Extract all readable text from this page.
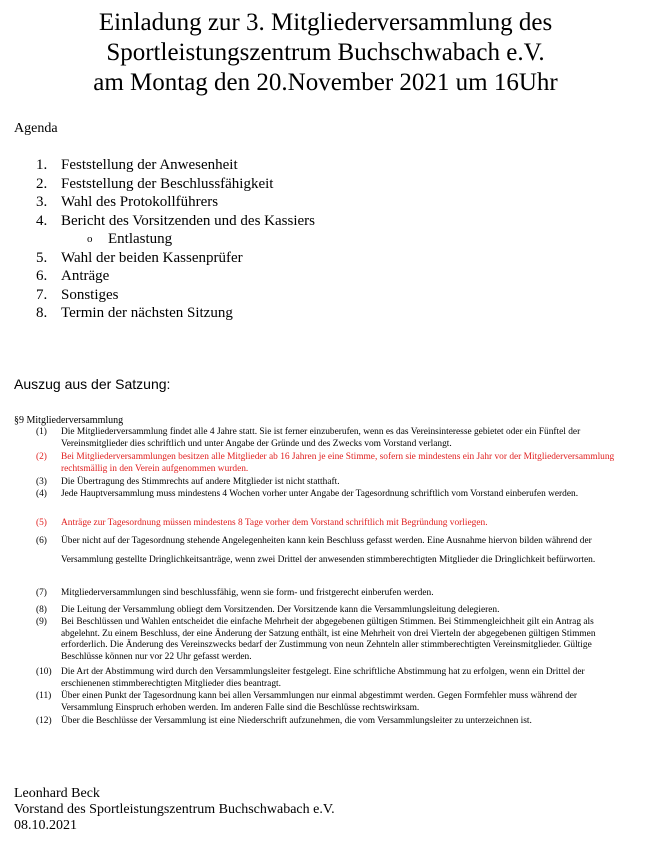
Einladung zur 3. Mitgliederversammlung des
Sportleistungszentrum Buchschwabach e.V.
am Montag den 20.November 2021 um 16Uhr
Agenda
1. Feststellung der Anwesenheit
2. Feststellung der Beschlussfähigkeit
3. Wahl des Protokollführers
4. Bericht des Vorsitzenden und des Kassiers
o Entlastung
5. Wahl der beiden Kassenprüfer
6. Anträge
7. Sonstiges
8. Termin der nächsten Sitzung
Auszug aus der Satzung:
§9 Mitgliederversammlung
(1) Die Mitgliederversammlung findet alle 4 Jahre statt. Sie ist ferner einzuberufen, wenn es das Vereinsinteresse gebietet oder ein Fünftel der Vereinsmitglieder dies schriftlich und unter Angabe der Gründe und des Zwecks vom Vorstand verlangt.
(2) Bei Mitgliederversammlungen besitzen alle Mitglieder ab 16 Jahren je eine Stimme, sofern sie mindestens ein Jahr vor der Mitgliederversammlung rechtsmällig in den Verein aufgenommen wurden.
(3) Die Übertragung des Stimmrechts auf andere Mitglieder ist nicht statthaft.
(4) Jede Hauptversammlung muss mindestens 4 Wochen vorher unter Angabe der Tagesordnung schriftlich vom Vorstand einberufen werden.
(5) Anträge zur Tagesordnung müssen mindestens 8 Tage vorher dem Vorstand schriftlich mit Begründung vorliegen.
(6) Über nicht auf der Tagesordnung stehende Angelegenheiten kann kein Beschluss gefasst werden. Eine Ausnahme hiervon bilden während der Versammlung gestellte Dringlichkeitsanträge, wenn zwei Drittel der anwesenden stimmberechtigten Mitglieder die Dringlichkeit befürworten.
(7) Mitgliederversammlungen sind beschlussfähig, wenn sie form- und fristgerecht einberufen werden.
(8) Die Leitung der Versammlung obliegt dem Vorsitzenden. Der Vorsitzende kann die Versammlungsleitung delegieren.
(9) Bei Beschlüssen und Wahlen entscheidet die einfache Mehrheit der abgegebenen gültigen Stimmen. Bei Stimmengleichheit gilt ein Antrag als abgelehnt. Zu einem Beschluss, der eine Änderung der Satzung enthält, ist eine Mehrheit von drei Vierteln der abgegebenen gültigen Stimmen erforderlich. Die Änderung des Vereinszwecks bedarf der Zustimmung von neun Zehnteln aller stimmberechtigten Vereinsmitglieder. Gültige Beschlüsse können nur vor 22 Uhr gefasst werden.
(10) Die Art der Abstimmung wird durch den Versammlungsleiter festgelegt. Eine schriftliche Abstimmung hat zu erfolgen, wenn ein Drittel der erschienenen stimmberechtigten Mitglieder dies beantragt.
(11) Über einen Punkt der Tagesordnung kann bei allen Versammlungen nur einmal abgestimmt werden. Gegen Formfehler muss während der Versammlung Einspruch erhoben werden. Im anderen Falle sind die Beschlüsse rechtswirksam.
(12) Über die Beschlüsse der Versammlung ist eine Niederschrift aufzunehmen, die vom Versammlungsleiter zu unterzeichnen ist.
Leonhard Beck
Vorstand des Sportleistungszentrum Buchschwabach e.V.
08.10.2021
